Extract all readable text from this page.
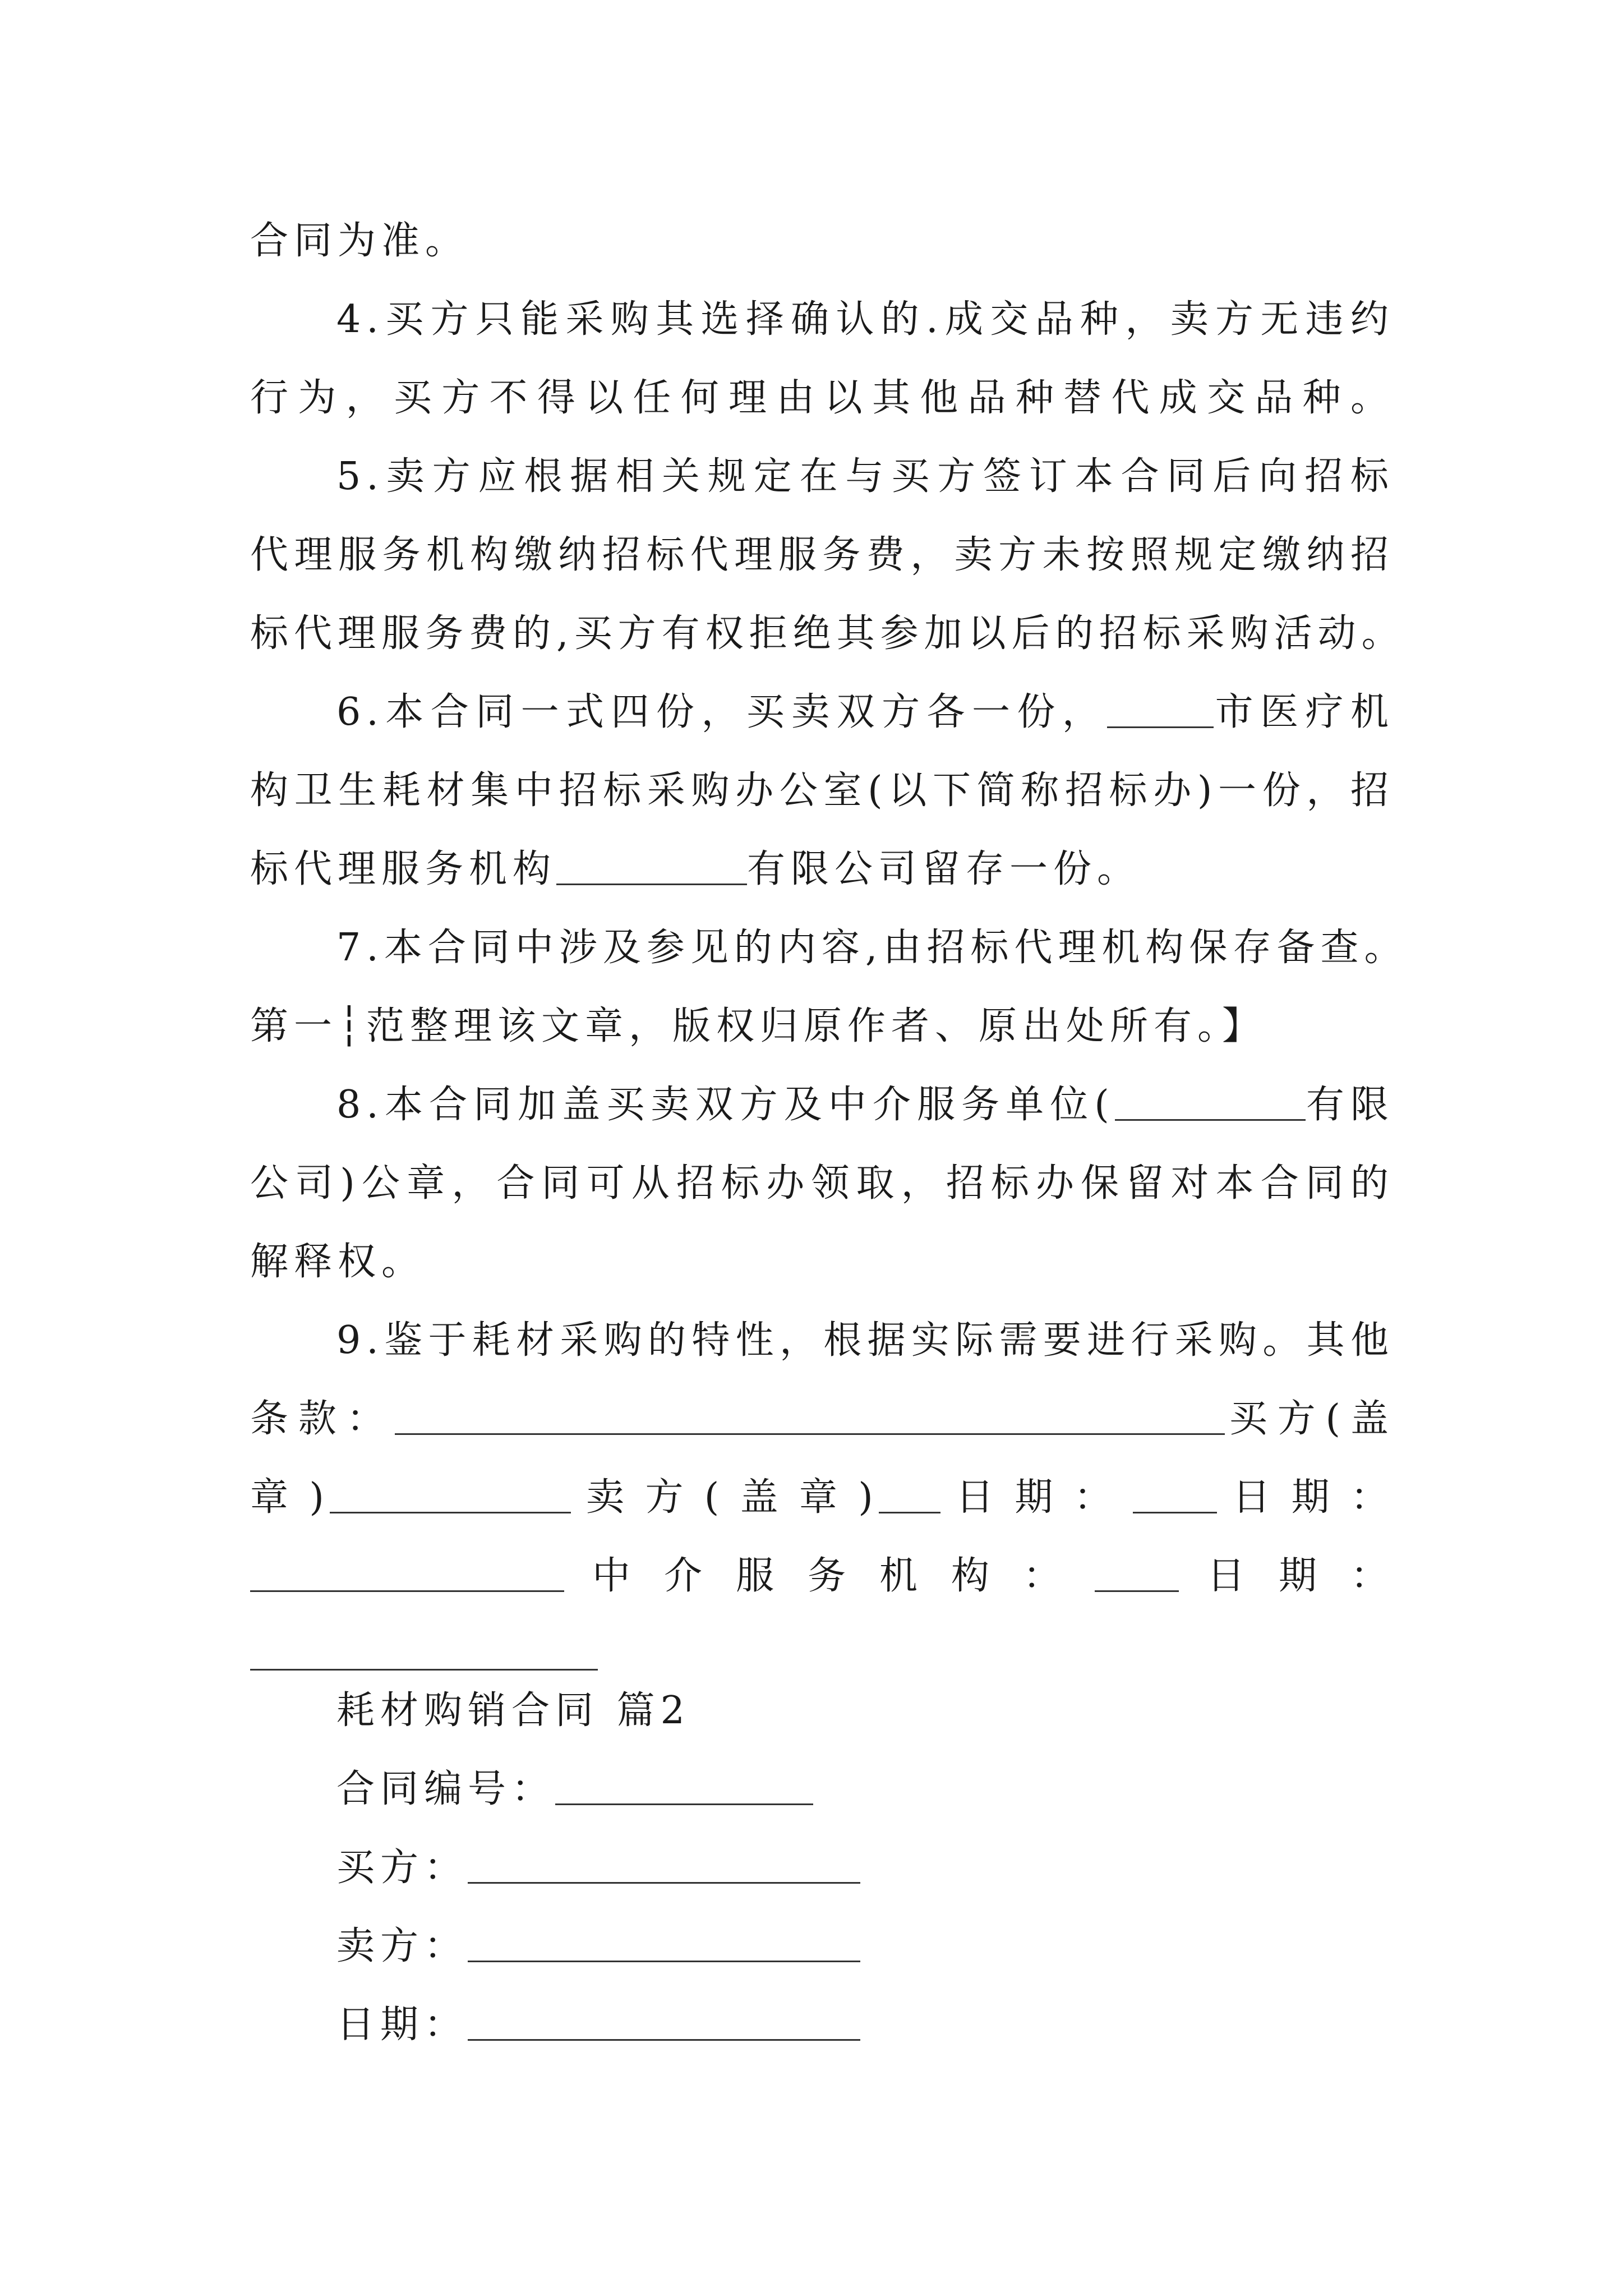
合同为准。
4.买方只能采购其选择确认的.成交品种，卖方无违约
行为，买方不得以任何理由以其他品种替代成交品种。
5.卖方应根据相关规定在与买方签订本合同后向招标
代理服务机构缴纳招标代理服务费，卖方未按照规定缴纳招
标代理服务费的,买方有权拒绝其参加以后的招标采购活动。
6.本合同一式四份，买卖双方各一份，	市医疗机
构卫生耗材集中招标采购办公室(以下简称招标办)一份，招
标代理服务机构	有限公司留存一份。
7.本合同中涉及参见的内容,由招标代理机构保存备查。
第一┆范整理该文章，版权归原作者、原出处所有。】
8.本合同加盖买卖双方及中介服务单位(	有限
公司)公章，合同可从招标办领取，招标办保留对本合同的
解释权。
9.鉴于耗材采购的特性，根据实际需要进行采购。其他
条款：	买方(盖
章)	卖方(盖章) 日期： 日期：
中介服务机构： 日期：
耗材购销合同 篇2
合同编号：
买方：
卖方：
日期：
